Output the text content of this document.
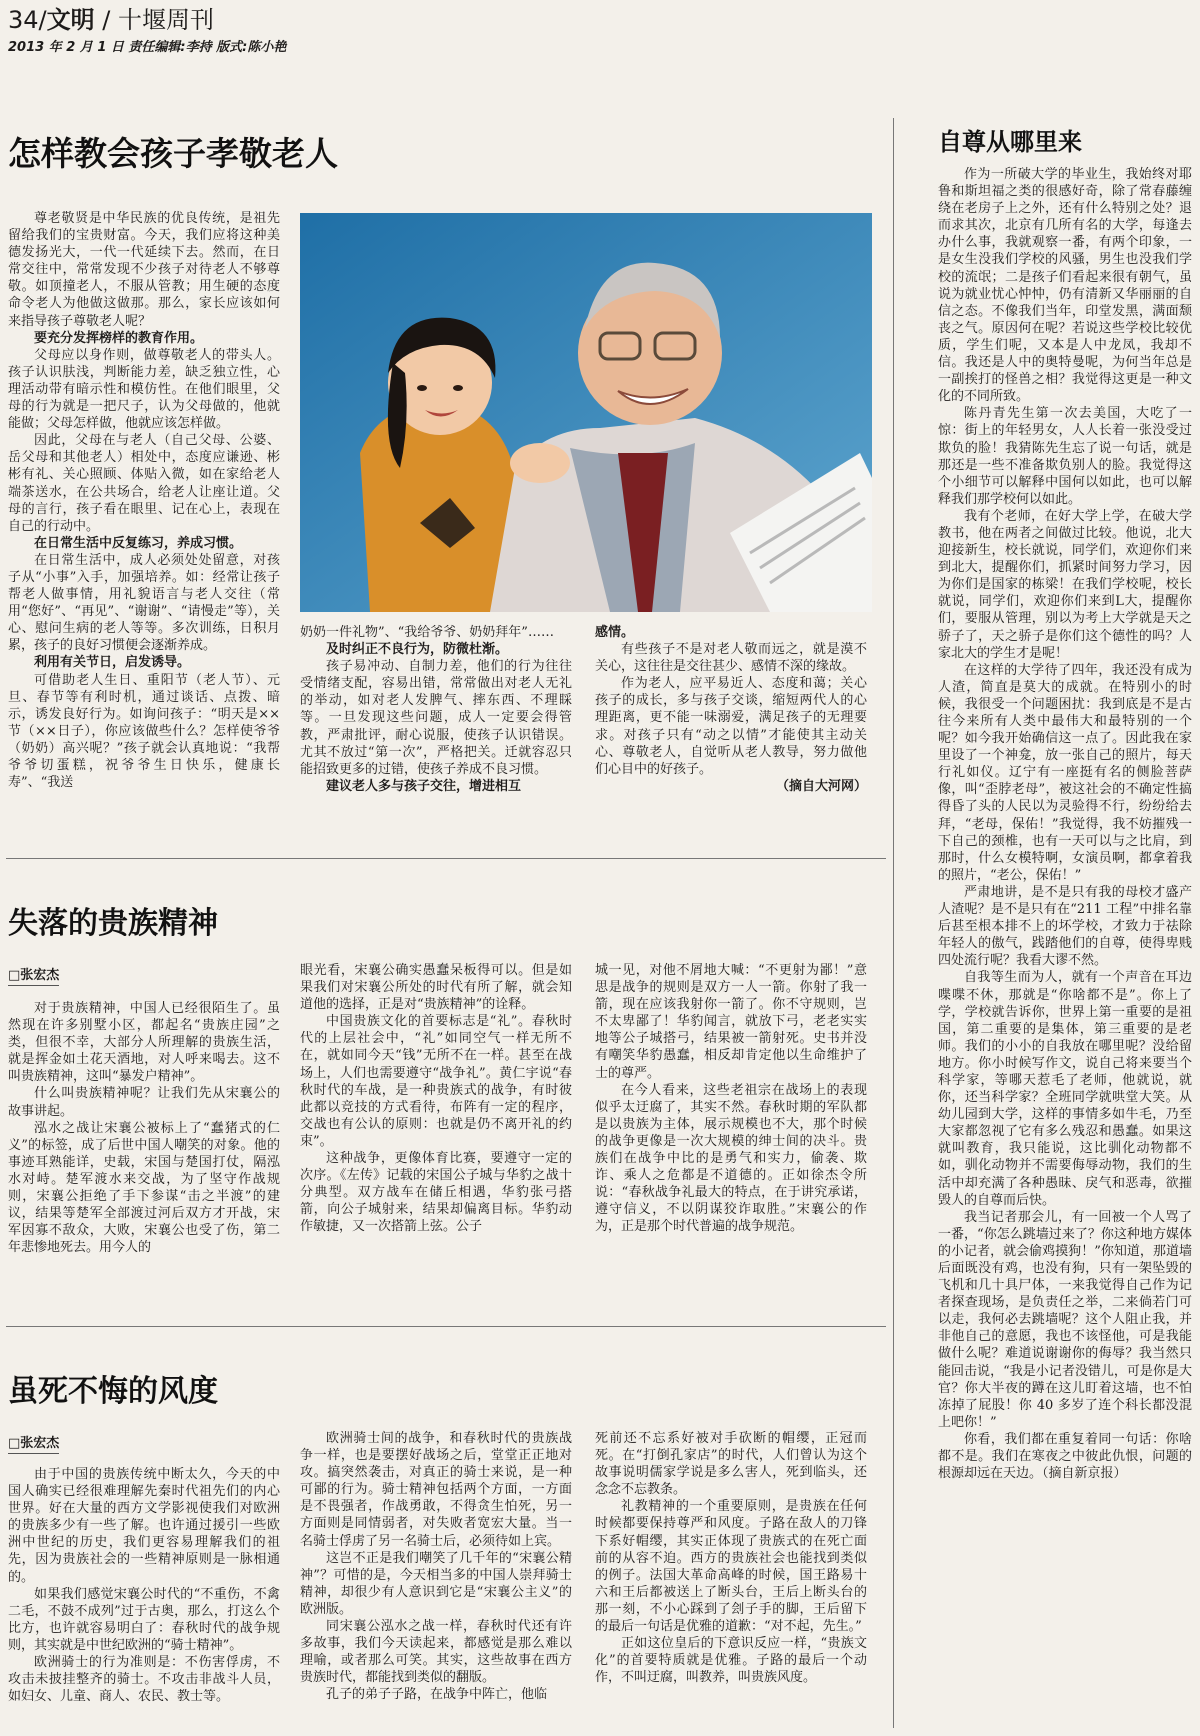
34/文明 / 十堰周刊
2013 年 2 月 1 日 责任编辑:李持 版式:陈小艳
怎样教会孩子孝敬老人

尊老敬贤是中华民族的优良传统，是祖先留给我们的宝贵财富。今天，我们应将这种美德发扬光大，一代一代延续下去。然而，在日常交往中，常常发现不少孩子对待老人不够尊敬。如顶撞老人，不服从管教；用生硬的态度命令老人为他做这做那。那么，家长应该如何来指导孩子尊敬老人呢？

要充分发挥榜样的教育作用。

父母应以身作则，做尊敬老人的带头人。孩子认识肤浅，判断能力差，缺乏独立性，心理活动带有暗示性和模仿性。在他们眼里，父母的行为就是一把尺子，认为父母做的，他就能做；父母怎样做，他就应该怎样做。

因此，父母在与老人（自己父母、公婆、岳父母和其他老人）相处中，态度应谦逊、彬彬有礼、关心照顾、体贴入微，如在家给老人端茶送水，在公共场合，给老人让座让道。父母的言行，孩子看在眼里、记在心上，表现在自己的行动中。

在日常生活中反复练习，养成习惯。

在日常生活中，成人必须处处留意，对孩子从“小事”入手，加强培养。如：经常让孩子帮老人做事情，用礼貌语言与老人交往（常用“您好”、“再见”、“谢谢”、“请慢走”等），关心、慰问生病的老人等等。多次训练，日积月累，孩子的良好习惯便会逐渐养成。

利用有关节日，启发诱导。

可借助老人生日、重阳节（老人节）、元旦、春节等有利时机，通过谈话、点拨、暗示，诱发良好行为。如询问孩子：“明天是××节（××日子），你应该做些什么？怎样使爷爷（奶奶）高兴呢？”孩子就会认真地说：“我帮爷爷切蛋糕，祝爷爷生日快乐，健康长寿”、“我送

奶奶一件礼物”、“我给爷爷、奶奶拜年”……

及时纠正不良行为，防微杜渐。

孩子易冲动、自制力差，他们的行为往往受情绪支配，容易出错，常常做出对老人无礼的举动，如对老人发脾气、摔东西、不理睬等。一旦发现这些问题，成人一定要会得管教，严肃批评，耐心说服，使孩子认识错误。尤其不放过“第一次”，严格把关。迁就容忍只能招致更多的过错，使孩子养成不良习惯。

建议老人多与孩子交往，增进相互

感情。

有些孩子不是对老人敬而远之，就是漠不关心，这往往是交往甚少、感情不深的缘故。

作为老人，应平易近人、态度和蔼；关心孩子的成长，多与孩子交谈，缩短两代人的心理距离，更不能一味溺爱，满足孩子的无理要求。对孩子只有“动之以情”才能使其主动关心、尊敬老人，自觉听从老人教导，努力做他们心目中的好孩子。

（摘自大河网）

失落的贵族精神
□张宏杰

对于贵族精神，中国人已经很陌生了。虽然现在许多别墅小区，都起名“贵族庄园”之类，但很不幸，大部分人所理解的贵族生活，就是挥金如土花天酒地，对人呼来喝去。这不叫贵族精神，这叫“暴发户精神”。

什么叫贵族精神呢？让我们先从宋襄公的故事讲起。

泓水之战让宋襄公被标上了“蠢猪式的仁义”的标签，成了后世中国人嘲笑的对象。他的事迹耳熟能详，史载，宋国与楚国打仗，隔泓水对峙。楚军渡水来交战，为了坚守作战规则，宋襄公拒绝了手下参谋“击之半渡”的建议，结果等楚军全部渡过河后双方才开战，宋军因寡不敌众，大败，宋襄公也受了伤，第二年悲惨地死去。用今人的

眼光看，宋襄公确实愚蠢呆板得可以。但是如果我们对宋襄公所处的时代有所了解，就会知道他的选择，正是对“贵族精神”的诠释。

中国贵族文化的首要标志是“礼”。春秋时代的上层社会中，“礼”如同空气一样无所不在，就如同今天“钱”无所不在一样。甚至在战场上，人们也需要遵守“战争礼”。黄仁宇说“春秋时代的车战，是一种贵族式的战争，有时彼此都以竞技的方式看待，布阵有一定的程序，交战也有公认的原则：也就是仍不离开礼的约束”。

这种战争，更像体育比赛，要遵守一定的次序。《左传》记载的宋国公子城与华豹之战十分典型。双方战车在储丘相遇，华豹张弓搭箭，向公子城射来，结果却偏离目标。华豹动作敏捷，又一次搭箭上弦。公子

城一见，对他不屑地大喊：“不更射为鄙！”意思是战争的规则是双方一人一箭。你射了我一箭，现在应该我射你一箭了。你不守规则，岂不太卑鄙了！华豹闻言，就放下弓，老老实实地等公子城搭弓，结果被一箭射死。史书并没有嘲笑华豹愚蠢，相反却肯定他以生命维护了士的尊严。

在今人看来，这些老祖宗在战场上的表现似乎太迂腐了，其实不然。春秋时期的军队都是以贵族为主体，展示规模也不大，那个时候的战争更像是一次大规模的绅士间的决斗。贵族们在战争中比的是勇气和实力，偷袭、欺诈、乘人之危都是不道德的。正如徐杰令所说：“春秋战争礼最大的特点，在于讲究承诺，遵守信义，不以阴谋狡诈取胜。”宋襄公的作为，正是那个时代普遍的战争规范。

虽死不悔的风度
□张宏杰

由于中国的贵族传统中断太久，今天的中国人确实已经很难理解先秦时代祖先们的内心世界。好在大量的西方文学影视使我们对欧洲的贵族多少有一些了解。也许通过援引一些欧洲中世纪的历史，我们更容易理解我们的祖先，因为贵族社会的一些精神原则是一脉相通的。

如果我们感觉宋襄公时代的“不重伤，不禽二毛，不鼓不成列”过于古奥，那么，打这么个比方，也许就容易明白了：春秋时代的战争规则，其实就是中世纪欧洲的“骑士精神”。

欧洲骑士的行为准则是：不伤害俘虏，不攻击未披挂整齐的骑士。不攻击非战斗人员，如妇女、儿童、商人、农民、教士等。

欧洲骑士间的战争，和春秋时代的贵族战争一样，也是要摆好战场之后，堂堂正正地对攻。搞突然袭击，对真正的骑士来说，是一种可鄙的行为。骑士精神包括两个方面，一方面是不畏强者，作战勇敢，不得贪生怕死，另一方面则是同情弱者，对失败者宽宏大量。当一名骑士俘虏了另一名骑士后，必须待如上宾。

这岂不正是我们嘲笑了几千年的“宋襄公精神”？可惜的是，今天相当多的中国人崇拜骑士精神，却很少有人意识到它是“宋襄公主义”的欧洲版。

同宋襄公泓水之战一样，春秋时代还有许多故事，我们今天读起来，都感觉是那么难以理喻，或者那么可笑。其实，这些故事在西方贵族时代，都能找到类似的翻版。

孔子的弟子子路，在战争中阵亡，他临

死前还不忘系好被对手砍断的帽缨，正冠而死。在“打倒孔家店”的时代，人们曾认为这个故事说明儒家学说是多么害人，死到临头，还念念不忘教条。

礼教精神的一个重要原则，是贵族在任何时候都要保持尊严和风度。子路在敌人的刀锋下系好帽缨，其实正体现了贵族式的在死亡面前的从容不迫。西方的贵族社会也能找到类似的例子。法国大革命高峰的时候，国王路易十六和王后都被送上了断头台，王后上断头台的那一刻，不小心踩到了刽子手的脚，王后留下的最后一句话是优雅的道歉：“对不起，先生。”

正如这位皇后的下意识反应一样，“贵族文化”的首要特质就是优雅。子路的最后一个动作，不叫迂腐，叫教养，叫贵族风度。

自尊从哪里来

作为一所破大学的毕业生，我始终对耶鲁和斯坦福之类的很感好奇，除了常春藤缠绕在老房子上之外，还有什么特别之处？退而求其次，北京有几所有名的大学，每逢去办什么事，我就观察一番，有两个印象，一是女生没我们学校的风骚，男生也没我们学校的流氓；二是孩子们看起来很有朝气，虽说为就业忧心忡忡，仍有清新又华丽丽的自信之态。不像我们当年，印堂发黑，满面颓丧之气。原因何在呢？若说这些学校比较优质，学生们呢，又本是人中龙凤，我却不信。我还是人中的奥特曼呢，为何当年总是一副挨打的怪兽之相？我觉得这更是一种文化的不同所致。

陈丹青先生第一次去美国，大吃了一惊：街上的年轻男女，人人长着一张没受过欺负的脸！我猜陈先生忘了说一句话，就是那还是一些不准备欺负别人的脸。我觉得这个小细节可以解释中国何以如此，也可以解释我们那学校何以如此。

我有个老师，在好大学上学，在破大学教书，他在两者之间做过比较。他说，北大迎接新生，校长就说，同学们，欢迎你们来到北大，提醒你们，抓紧时间努力学习，因为你们是国家的栋梁！在我们学校呢，校长就说，同学们，欢迎你们来到L大，提醒你们，要服从管理，别以为考上大学就是天之骄子了，天之骄子是你们这个德性的吗？人家北大的学生才是呢！

在这样的大学待了四年，我还没有成为人渣，简直是莫大的成就。在特别小的时候，我很受一个问题困扰：我到底是不是古往今来所有人类中最伟大和最特别的一个呢？如今我开始确信这一点了。因此我在家里设了一个神龛，放一张自己的照片，每天行礼如仪。辽宁有一座挺有名的侧脸菩萨像，叫“歪脖老母”，被这社会的不确定性搞得昏了头的人民以为灵验得不行，纷纷给去拜，“老母，保佑！”我觉得，我不妨摧残一下自己的颈椎，也有一天可以与之比肩，到那时，什么女模特啊，女演员啊，都拿着我的照片，“老公，保佑！”

严肃地讲，是不是只有我的母校才盛产人渣呢？是不是只有在“211 工程”中排名靠后甚至根本排不上的坏学校，才致力于祛除年轻人的傲气，践踏他们的自尊，使得卑贱四处流行呢？我看大谬不然。

自我等生而为人，就有一个声音在耳边喋喋不休，那就是“你啥都不是”。你上了学，学校就告诉你，世界上第一重要的是祖国，第二重要的是集体，第三重要的是老师。我们的小小的自我放在哪里呢？没给留地方。你小时候写作文，说自己将来要当个科学家，等哪天惹毛了老师，他就说，就你，还当科学家？全班同学就哄堂大笑。从幼儿园到大学，这样的事情多如牛毛，乃至大家都忽视了它有多么残忍和愚蠢。如果这就叫教育，我只能说，这比驯化动物都不如，驯化动物并不需要侮辱动物，我们的生活中却充满了各种愚昧、戾气和恶毒，欲摧毁人的自尊而后快。

我当记者那会儿，有一回被一个人骂了一番，“你怎么跳墙过来了？你这种地方媒体的小记者，就会偷鸡摸狗！”你知道，那道墙后面既没有鸡，也没有狗，只有一架坠毁的飞机和几十具尸体，一来我觉得自己作为记者探查现场，是负责任之举，二来倘若门可以走，我何必去跳墙呢？这个人阻止我，并非他自己的意愿，我也不该怪他，可是我能做什么呢？难道说谢谢你的侮辱？我当然只能回击说，“我是小记者没错儿，可是你是大官？你大半夜的蹲在这儿盯着这墙，也不怕冻掉了屁股！你 40 多岁了连个科长都没混上吧你！”

你看，我们都在重复着同一句话：你啥都不是。我们在寒夜之中彼此仇恨，问题的根源却远在天边。（摘自新京报）
